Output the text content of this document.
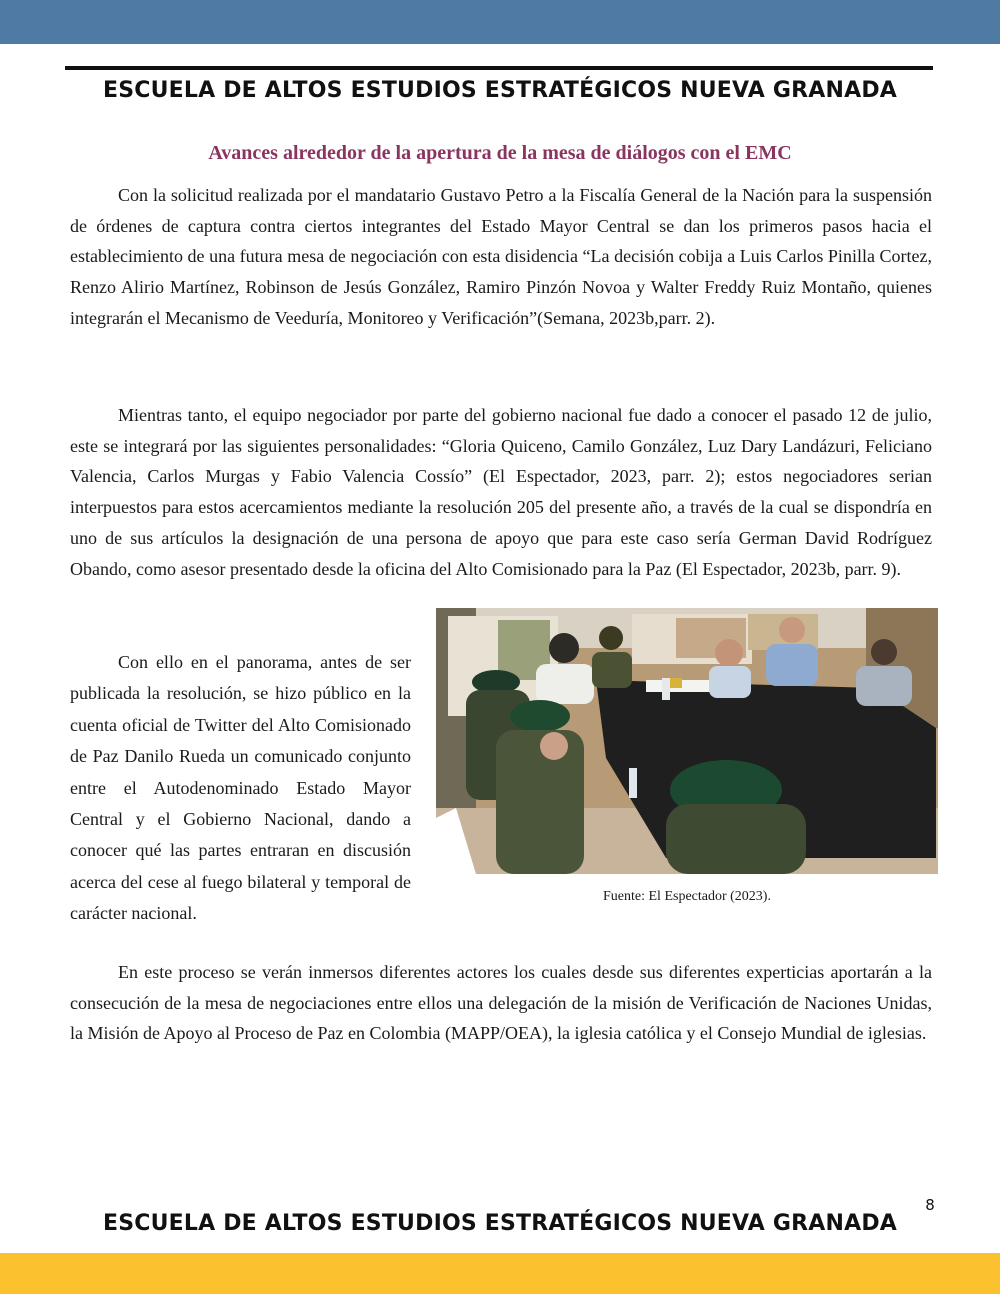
ESCUELA DE ALTOS ESTUDIOS ESTRATÉGICOS NUEVA GRANADA
Avances alrededor de la apertura de la mesa de diálogos con el EMC

Con la solicitud realizada por el mandatario Gustavo Petro a la Fiscalía General de la Nación para la suspensión de órdenes de captura contra ciertos integrantes del Estado Mayor Central se dan los primeros pasos hacia el establecimiento de una futura mesa de negociación con esta disidencia “La decisión cobija a Luis Carlos Pinilla Cortez, Renzo Alirio Martínez, Robinson de Jesús González, Ramiro Pinzón Novoa y Walter Freddy Ruiz Montaño, quienes integrarán el Mecanismo de Veeduría, Monitoreo y Verificación”(Semana, 2023b,parr. 2).

Mientras tanto, el equipo negociador por parte del gobierno nacional fue dado a conocer el pasado 12 de julio, este se integrará por las siguientes personalidades: “Gloria Quiceno, Camilo González, Luz Dary Landázuri, Feliciano Valencia, Carlos Murgas y Fabio Valencia Cossío” (El Espectador, 2023, parr. 2); estos negociadores serian interpuestos para estos acercamientos mediante la resolución 205 del presente año, a través de la cual se dispondría en uno de sus artículos la designación de una persona de apoyo que para este caso sería German David Rodríguez Obando, como asesor presentado desde la oficina del Alto Comisionado para la Paz (El Espectador, 2023b, parr. 9).

Con ello en el panorama, antes de ser publicada la resolución, se hizo público en la cuenta oficial de Twitter del Alto Comisionado de Paz Danilo Rueda un comunicado conjunto entre el Autodenominado Estado Mayor Central y el Gobierno Nacional, dando a conocer qué las partes entraran en discusión acerca del cese al fuego bilateral y temporal de carácter nacional.

Fuente: El Espectador (2023).

En este proceso se verán inmersos diferentes actores los cuales desde sus diferentes experticias aportarán a la consecución de la mesa de negociaciones entre ellos una delegación de la misión de Verificación de Naciones Unidas, la Misión de Apoyo al Proceso de Paz en Colombia (MAPP/OEA), la iglesia católica y el Consejo Mundial de iglesias.

8
ESCUELA DE ALTOS ESTUDIOS ESTRATÉGICOS NUEVA GRANADA
